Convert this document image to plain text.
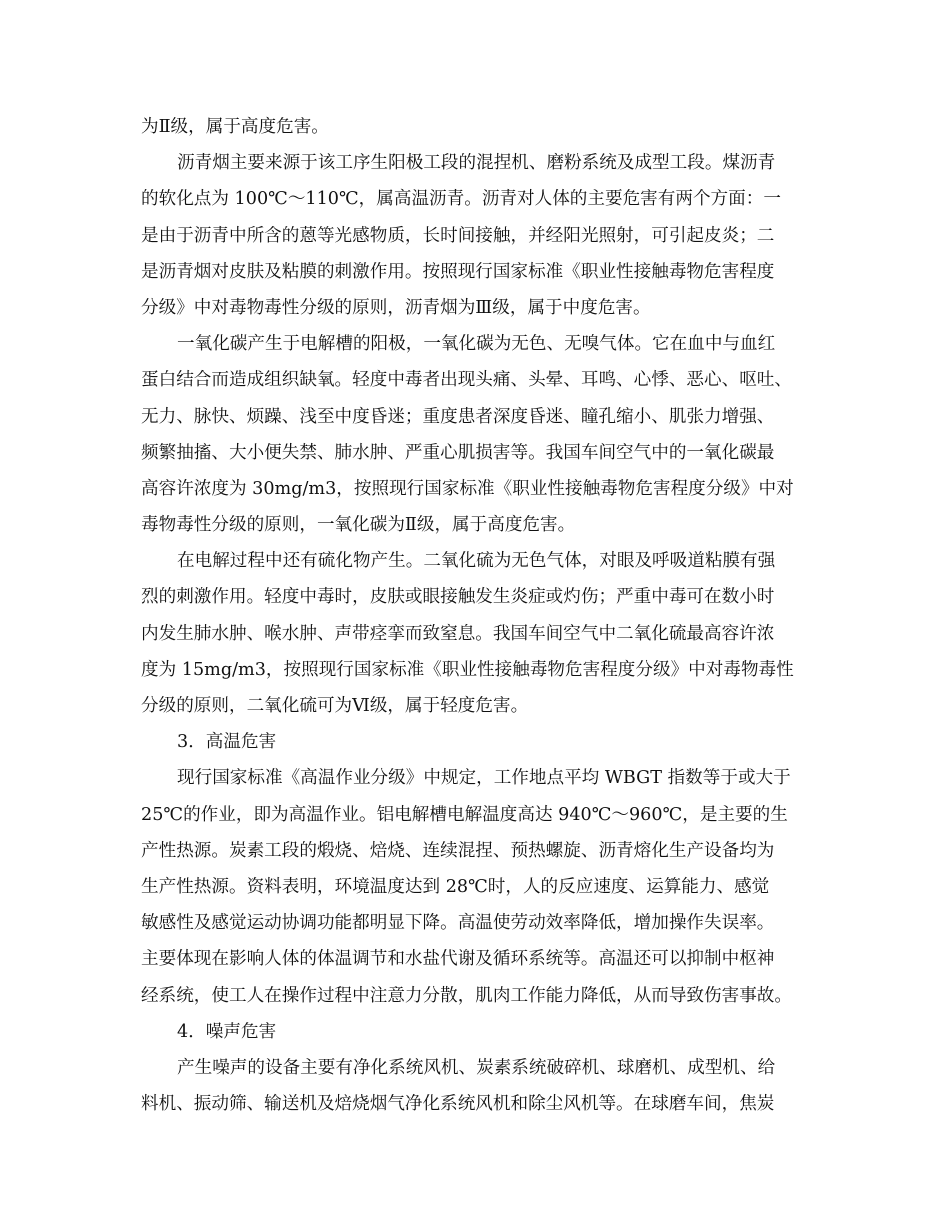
为Ⅱ级，属于高度危害。
沥青烟主要来源于该工序生阳极工段的混捏机、磨粉系统及成型工段。煤沥青
的软化点为 100℃～110℃，属高温沥青。沥青对人体的主要危害有两个方面：一
是由于沥青中所含的蒽等光感物质，长时间接触，并经阳光照射，可引起皮炎；二
是沥青烟对皮肤及粘膜的刺激作用。按照现行国家标准《职业性接触毒物危害程度
分级》中对毒物毒性分级的原则，沥青烟为Ⅲ级，属于中度危害。
一氧化碳产生于电解槽的阳极，一氧化碳为无色、无嗅气体。它在血中与血红
蛋白结合而造成组织缺氧。轻度中毒者出现头痛、头晕、耳鸣、心悸、恶心、呕吐、
无力、脉快、烦躁、浅至中度昏迷；重度患者深度昏迷、瞳孔缩小、肌张力增强、
频繁抽搐、大小便失禁、肺水肿、严重心肌损害等。我国车间空气中的一氧化碳最
高容许浓度为 30mg/m3，按照现行国家标准《职业性接触毒物危害程度分级》中对
毒物毒性分级的原则，一氧化碳为Ⅱ级，属于高度危害。
在电解过程中还有硫化物产生。二氧化硫为无色气体，对眼及呼吸道粘膜有强
烈的刺激作用。轻度中毒时，皮肤或眼接触发生炎症或灼伤；严重中毒可在数小时
内发生肺水肿、喉水肿、声带痉挛而致窒息。我国车间空气中二氧化硫最高容许浓
度为 15mg/m3，按照现行国家标准《职业性接触毒物危害程度分级》中对毒物毒性
分级的原则，二氧化硫可为Ⅵ级，属于轻度危害。
3．高温危害
现行国家标准《高温作业分级》中规定，工作地点平均 WBGT 指数等于或大于
25℃的作业，即为高温作业。铝电解槽电解温度高达 940℃～960℃，是主要的生
产性热源。炭素工段的煅烧、焙烧、连续混捏、预热螺旋、沥青熔化生产设备均为
生产性热源。资料表明，环境温度达到 28℃时，人的反应速度、运算能力、感觉
敏感性及感觉运动协调功能都明显下降。高温使劳动效率降低，增加操作失误率。
主要体现在影响人体的体温调节和水盐代谢及循环系统等。高温还可以抑制中枢神
经系统，使工人在操作过程中注意力分散，肌肉工作能力降低，从而导致伤害事故。
4．噪声危害
产生噪声的设备主要有净化系统风机、炭素系统破碎机、球磨机、成型机、给
料机、振动筛、输送机及焙烧烟气净化系统风机和除尘风机等。在球磨车间，焦炭
